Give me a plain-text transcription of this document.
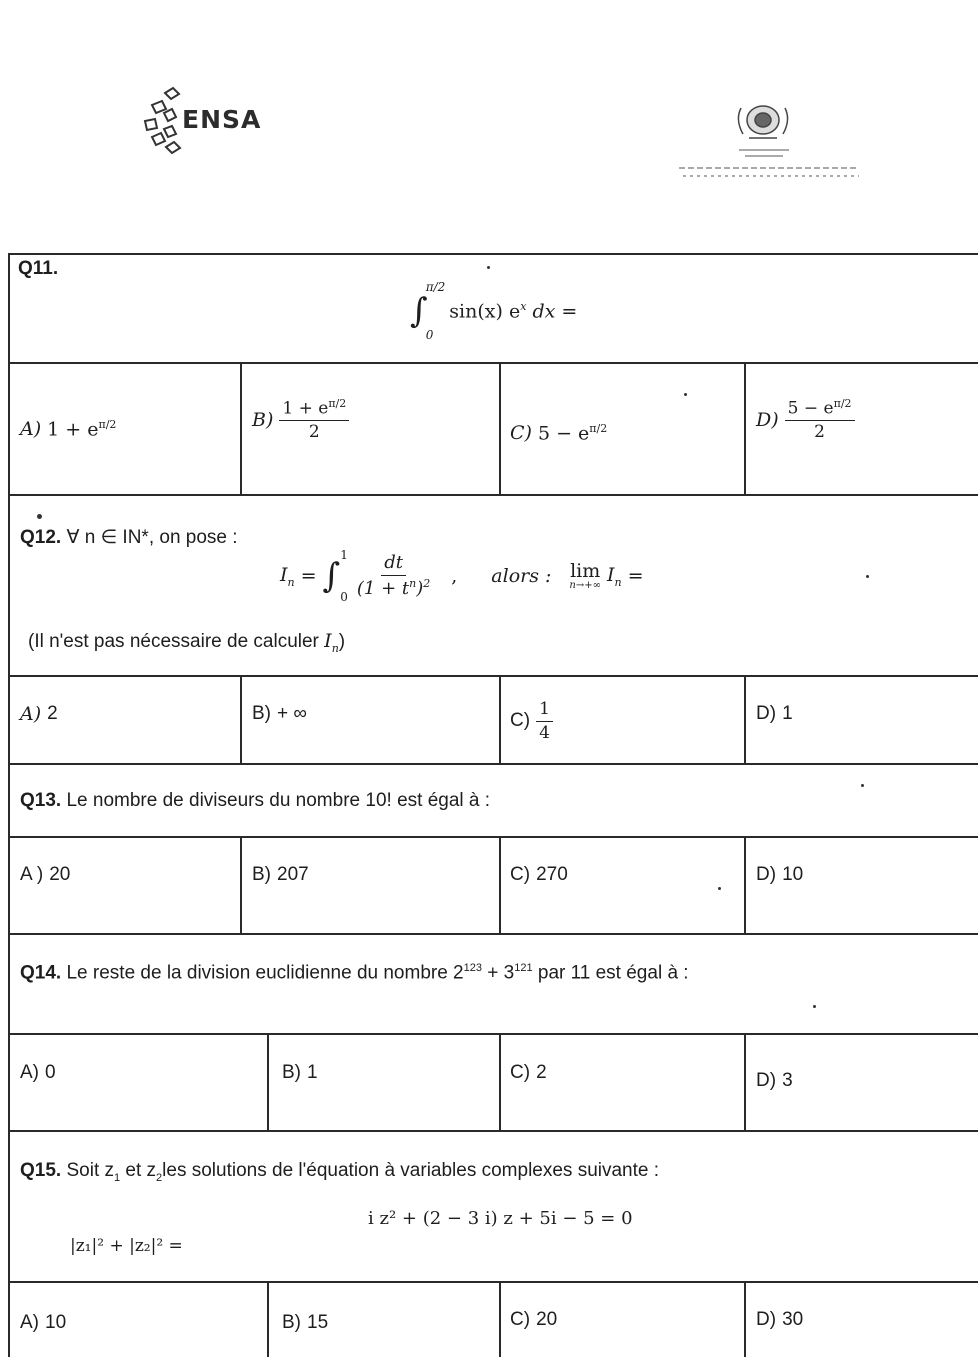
ENSA
Q11.
∫
π/2
0
sin(x) $e^x$ dx =
A) $1 + e^{\pi/2}$	$B) \frac{1 + e^{\pi/2}}{2}$	C) $5 - e^{\pi/2}$	$D) \frac{5 - e^{\pi/2}}{2}$
Q12. ∀ n ∈ IN*, on pose :
$I_n$ = ∫
1
$0 \frac{dt}{(1 + t^n)^2}$ , alors : lim
n→+∞ $I_n$ =
(Il n'est pas nécessaire de calculer $I_n$)
A) 2	B) + ∞	$C) \frac{1}{4}$	D) 1
Q13. Le nombre de diviseurs du nombre 10! est égal à :
A ) 20	B) 207	C) 270	D) 10
Q14. Le reste de la division euclidienne du nombre $2^{123} + 3^{121}$ par 11 est égal à :
A) 0	B) 1	C) 2	D) 3
Q15. Soit $z_1$ et $z_2les$ solutions de l'équation à variables complexes suivante :
i z² + (2 − 3 i) z + 5i − 5 = 0
|z₁|² + |z₂|² =
A) 10	B) 15	C) 20	D) 30
